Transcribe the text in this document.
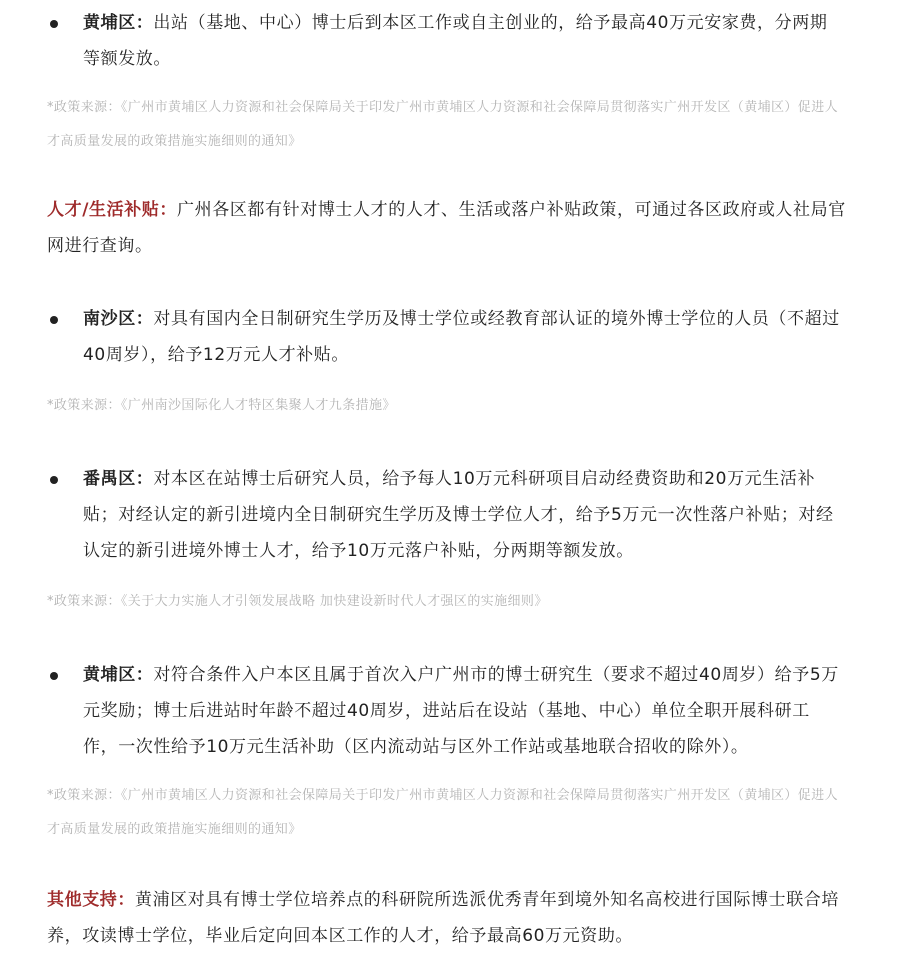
黄埔区：出站（基地、中心）博士后到本区工作或自主创业的，给予最高40万元安家费，分两期等额发放。
*政策来源：《广州市黄埔区人力资源和社会保障局关于印发广州市黄埔区人力资源和社会保障局贯彻落实广州开发区（黄埔区）促进人才高质量发展的政策措施实施细则的通知》
人才/生活补贴：广州各区都有针对博士人才的人才、生活或落户补贴政策，可通过各区政府或人社局官网进行查询。
南沙区：对具有国内全日制研究生学历及博士学位或经教育部认证的境外博士学位的人员（不超过40周岁），给予12万元人才补贴。
*政策来源：《广州南沙国际化人才特区集聚人才九条措施》
番禺区：对本区在站博士后研究人员，给予每人10万元科研项目启动经费资助和20万元生活补贴；对经认定的新引进境内全日制研究生学历及博士学位人才，给予5万元一次性落户补贴；对经认定的新引进境外博士人才，给予10万元落户补贴，分两期等额发放。
*政策来源：《关于大力实施人才引领发展战略 加快建设新时代人才强区的实施细则》
黄埔区：对符合条件入户本区且属于首次入户广州市的博士研究生（要求不超过40周岁）给予5万元奖励；博士后进站时年龄不超过40周岁，进站后在设站（基地、中心）单位全职开展科研工作，一次性给予10万元生活补助（区内流动站与区外工作站或基地联合招收的除外）。
*政策来源：《广州市黄埔区人力资源和社会保障局关于印发广州市黄埔区人力资源和社会保障局贯彻落实广州开发区（黄埔区）促进人才高质量发展的政策措施实施细则的通知》
其他支持：黄浦区对具有博士学位培养点的科研院所选派优秀青年到境外知名高校进行国际博士联合培养，攻读博士学位，毕业后定向回本区工作的人才，给予最高60万元资助。
